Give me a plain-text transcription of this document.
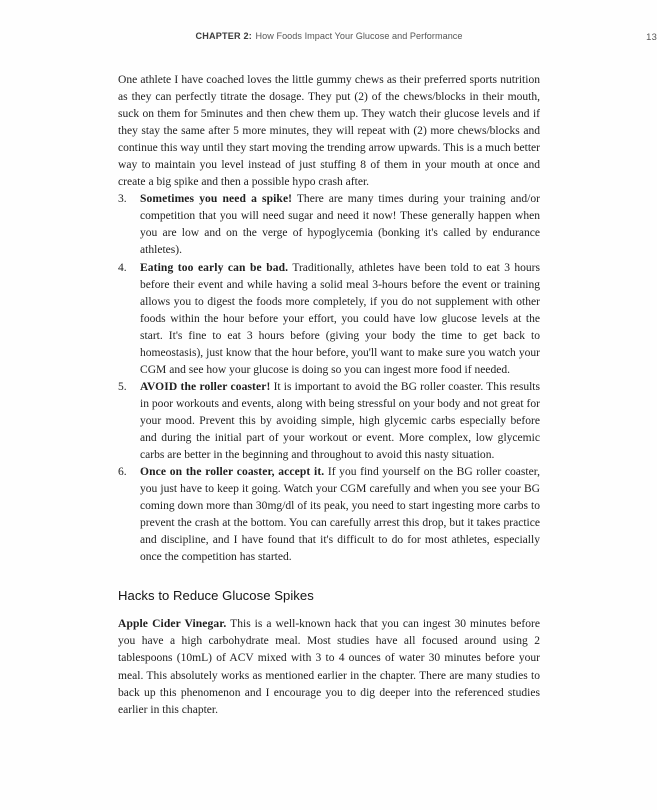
CHAPTER 2: How Foods Impact Your Glucose and Performance	13

One athlete I have coached loves the little gummy chews as their preferred sports nutrition as they can perfectly titrate the dosage. They put (2) of the chews/blocks in their mouth, suck on them for 5minutes and then chew them up. They watch their glucose levels and if they stay the same after 5 more minutes, they will repeat with (2) more chews/blocks and continue this way until they start moving the trending arrow upwards. This is a much better way to maintain you level instead of just stuffing 8 of them in your mouth at once and create a big spike and then a possible hypo crash after.

3.	Sometimes you need a spike! There are many times during your training and/or competition that you will need sugar and need it now! These generally happen when you are low and on the verge of hypoglycemia (bonking it's called by endurance athletes).
4.	Eating too early can be bad. Traditionally, athletes have been told to eat 3 hours before their event and while having a solid meal 3-hours before the event or training allows you to digest the foods more completely, if you do not supplement with other foods within the hour before your effort, you could have low glucose levels at the start. It's fine to eat 3 hours before (giving your body the time to get back to homeostasis), just know that the hour before, you'll want to make sure you watch your CGM and see how your glucose is doing so you can ingest more food if needed.
5.	AVOID the roller coaster! It is important to avoid the BG roller coaster. This results in poor workouts and events, along with being stressful on your body and not great for your mood. Prevent this by avoiding simple, high glycemic carbs especially before and during the initial part of your workout or event. More complex, low glycemic carbs are better in the beginning and throughout to avoid this nasty situation.
6.	Once on the roller coaster, accept it. If you find yourself on the BG roller coaster, you just have to keep it going. Watch your CGM carefully and when you see your BG coming down more than 30mg/dl of its peak, you need to start ingesting more carbs to prevent the crash at the bottom. You can carefully arrest this drop, but it takes practice and discipline, and I have found that it's difficult to do for most athletes, especially once the competition has started.
Hacks to Reduce Glucose Spikes

Apple Cider Vinegar. This is a well-known hack that you can ingest 30 minutes before you have a high carbohydrate meal. Most studies have all focused around using 2 tablespoons (10mL) of ACV mixed with 3 to 4 ounces of water 30 minutes before your meal. This absolutely works as mentioned earlier in the chapter. There are many studies to back up this phenomenon and I encourage you to dig deeper into the referenced studies earlier in this chapter.
